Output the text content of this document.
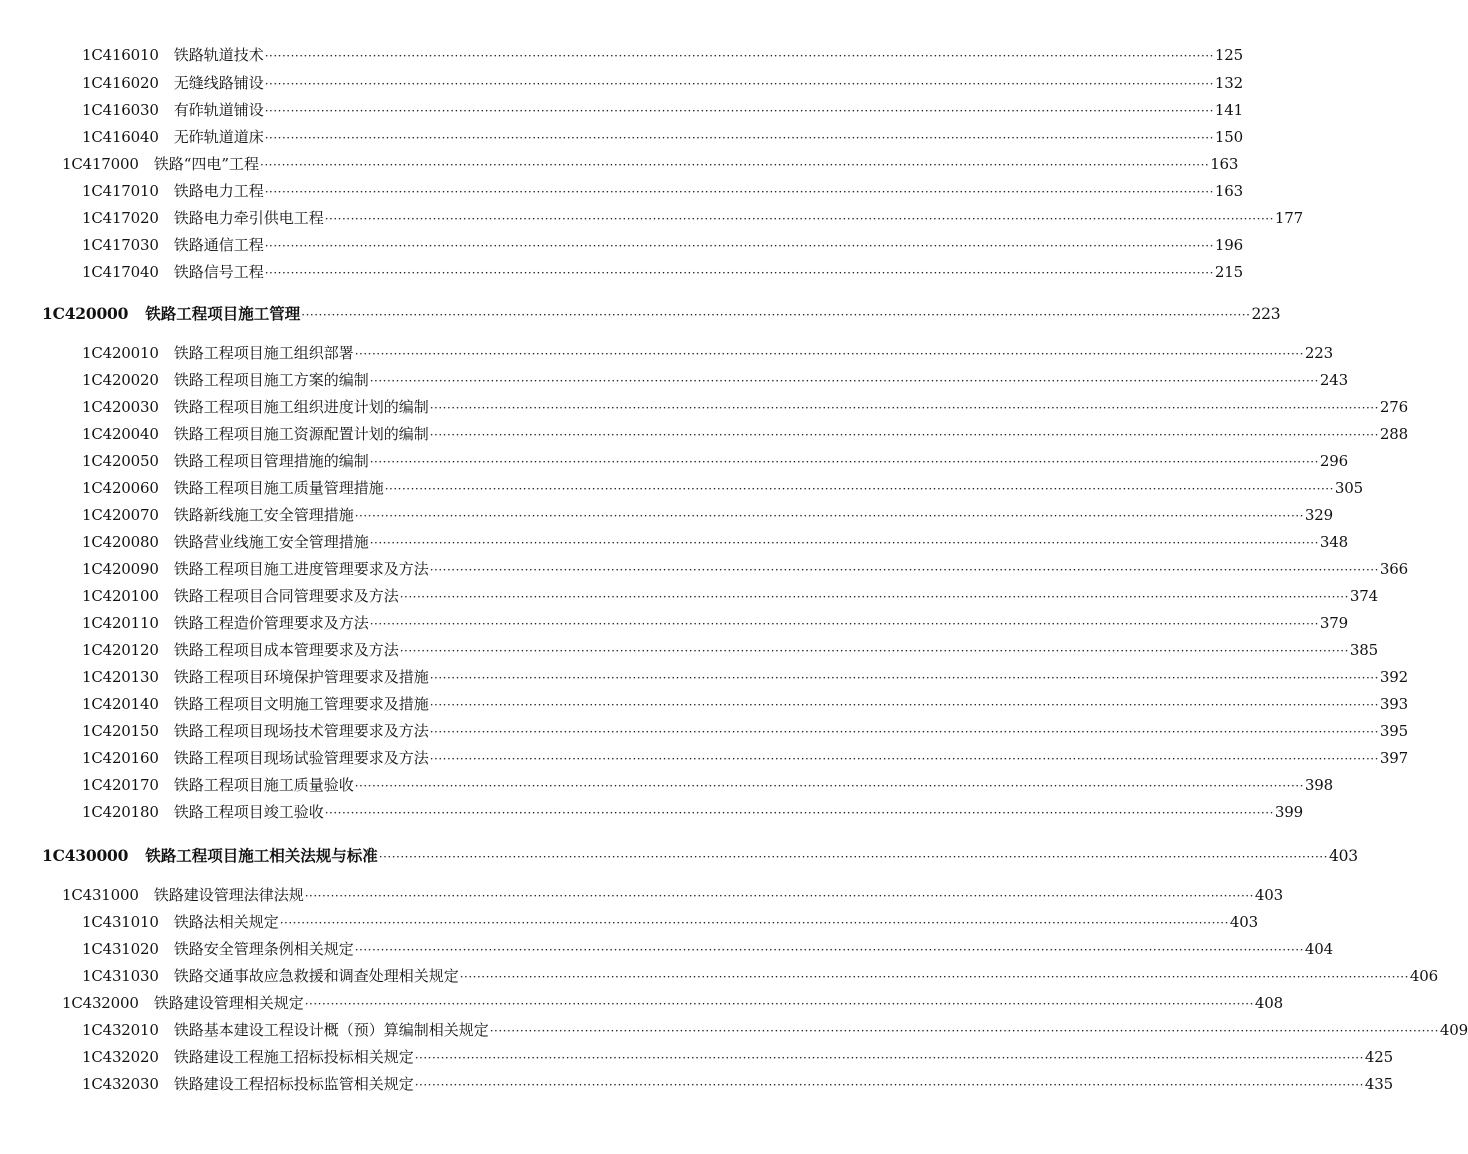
1C416010 铁路轨道技术 ···························································································································································································································· 125
1C416020 无缝线路铺设 ···························································································································································································································· 132
1C416030 有砟轨道铺设 ···························································································································································································································· 141
1C416040 无砟轨道道床 ···························································································································································································································· 150
1C417000 铁路“四电”工程 ···························································································································································································································· 163
1C417010 铁路电力工程 ···························································································································································································································· 163
1C417020 铁路电力牵引供电工程 ···························································································································································································································· 177
1C417030 铁路通信工程 ···························································································································································································································· 196
1C417040 铁路信号工程 ···························································································································································································································· 215
1C420000 铁路工程项目施工管理 ···························································································································································································································· 223
1C420010 铁路工程项目施工组织部署 ···························································································································································································································· 223
1C420020 铁路工程项目施工方案的编制 ···························································································································································································································· 243
1C420030 铁路工程项目施工组织进度计划的编制 ···························································································································································································································· 276
1C420040 铁路工程项目施工资源配置计划的编制 ···························································································································································································································· 288
1C420050 铁路工程项目管理措施的编制 ···························································································································································································································· 296
1C420060 铁路工程项目施工质量管理措施 ···························································································································································································································· 305
1C420070 铁路新线施工安全管理措施 ···························································································································································································································· 329
1C420080 铁路营业线施工安全管理措施 ···························································································································································································································· 348
1C420090 铁路工程项目施工进度管理要求及方法 ···························································································································································································································· 366
1C420100 铁路工程项目合同管理要求及方法 ···························································································································································································································· 374
1C420110 铁路工程造价管理要求及方法 ···························································································································································································································· 379
1C420120 铁路工程项目成本管理要求及方法 ···························································································································································································································· 385
1C420130 铁路工程项目环境保护管理要求及措施 ···························································································································································································································· 392
1C420140 铁路工程项目文明施工管理要求及措施 ···························································································································································································································· 393
1C420150 铁路工程项目现场技术管理要求及方法 ···························································································································································································································· 395
1C420160 铁路工程项目现场试验管理要求及方法 ···························································································································································································································· 397
1C420170 铁路工程项目施工质量验收 ···························································································································································································································· 398
1C420180 铁路工程项目竣工验收 ···························································································································································································································· 399
1C430000 铁路工程项目施工相关法规与标准 ···························································································································································································································· 403
1C431000 铁路建设管理法律法规 ···························································································································································································································· 403
1C431010 铁路法相关规定 ···························································································································································································································· 403
1C431020 铁路安全管理条例相关规定 ···························································································································································································································· 404
1C431030 铁路交通事故应急救援和调查处理相关规定 ···························································································································································································································· 406
1C432000 铁路建设管理相关规定 ···························································································································································································································· 408
1C432010 铁路基本建设工程设计概（预）算编制相关规定 ···························································································································································································································· 409
1C432020 铁路建设工程施工招标投标相关规定 ···························································································································································································································· 425
1C432030 铁路建设工程招标投标监管相关规定 ···························································································································································································································· 435
